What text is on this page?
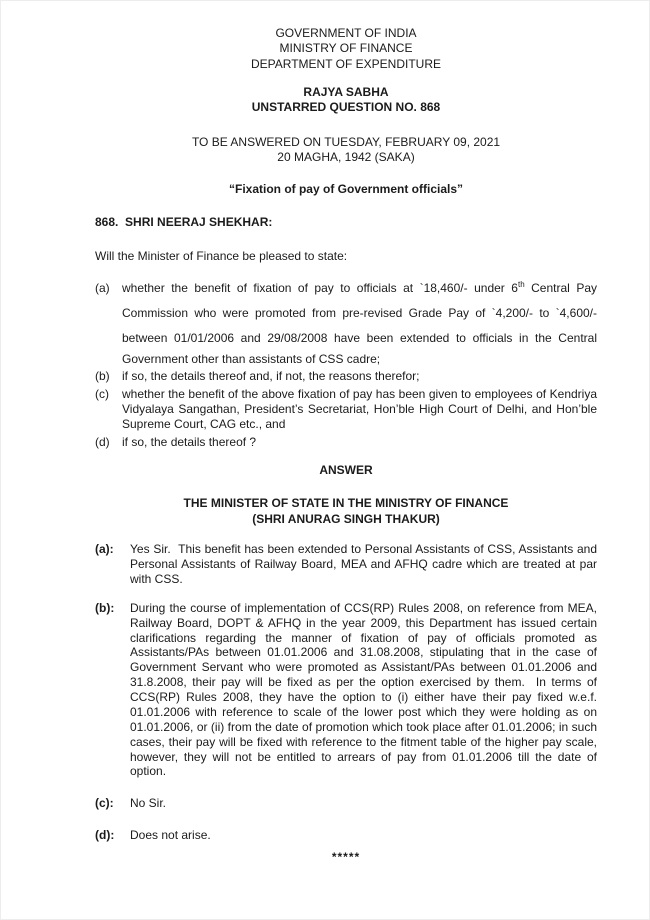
GOVERNMENT OF INDIA
MINISTRY OF FINANCE
DEPARTMENT OF EXPENDITURE
RAJYA SABHA
UNSTARRED QUESTION NO. 868
TO BE ANSWERED ON TUESDAY, FEBRUARY 09, 2021
20 MAGHA, 1942 (SAKA)
“Fixation of pay of Government officials”
868.  SHRI NEERAJ SHEKHAR:
Will the Minister of Finance be pleased to state:
(a)	whether the benefit of fixation of pay to officials at `18,460/- under 6th Central Pay Commission who were promoted from pre-revised Grade Pay of `4,200/- to `4,600/- between 01/01/2006 and 29/08/2008 have been extended to officials in the Central Government other than assistants of CSS cadre;
(b)	if so, the details thereof and, if not, the reasons therefor;
(c)	whether the benefit of the above fixation of pay has been given to employees of Kendriya Vidyalaya Sangathan, President’s Secretariat, Hon’ble High Court of Delhi, and Hon’ble Supreme Court, CAG etc., and
(d)	if so, the details thereof ?
ANSWER
THE MINISTER OF STATE IN THE MINISTRY OF FINANCE
(SHRI ANURAG SINGH THAKUR)
(a):	Yes Sir.  This benefit has been extended to Personal Assistants of CSS, Assistants and Personal Assistants of Railway Board, MEA and AFHQ cadre which are treated at par with CSS.
(b):	During the course of implementation of CCS(RP) Rules 2008, on reference from MEA, Railway Board, DOPT & AFHQ in the year 2009, this Department has issued certain clarifications regarding the manner of fixation of pay of officials promoted as Assistants/PAs between 01.01.2006 and 31.08.2008, stipulating that in the case of Government Servant who were promoted as Assistant/PAs between 01.01.2006 and 31.8.2008, their pay will be fixed as per the option exercised by them.  In terms of CCS(RP) Rules 2008, they have the option to (i) either have their pay fixed w.e.f. 01.01.2006 with reference to scale of the lower post which they were holding as on 01.01.2006, or (ii) from the date of promotion which took place after 01.01.2006; in such cases, their pay will be fixed with reference to the fitment table of the higher pay scale, however, they will not be entitled to arrears of pay from 01.01.2006 till the date of option.
(c):	No Sir.
(d):	Does not arise.
*****
